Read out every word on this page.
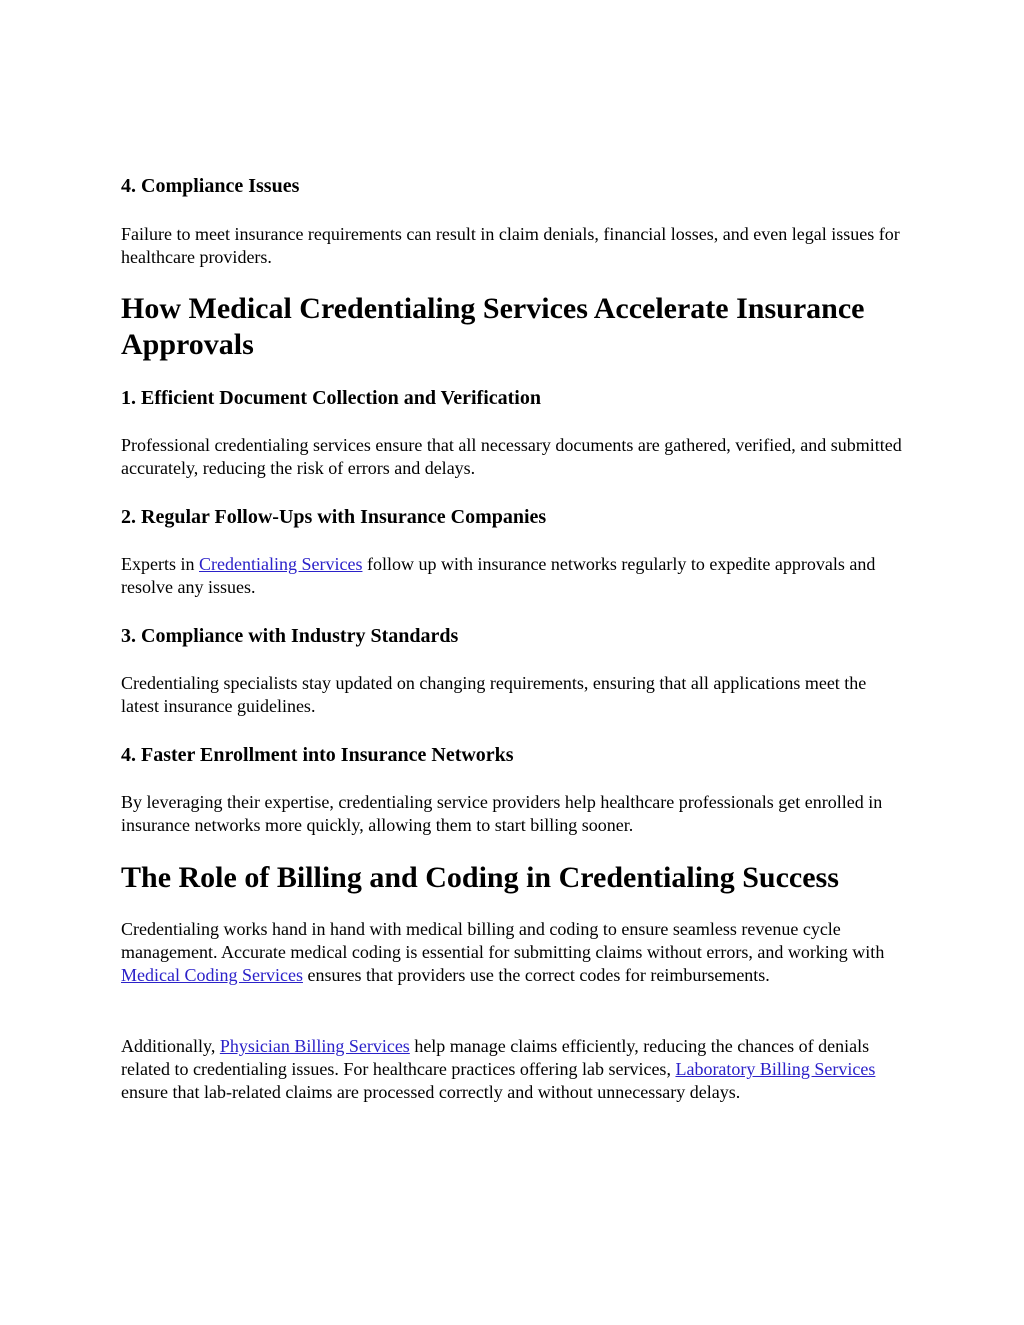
4. Compliance Issues

Failure to meet insurance requirements can result in claim denials, financial losses, and even legal issues for healthcare providers.

How Medical Credentialing Services Accelerate Insurance Approvals
1. Efficient Document Collection and Verification

Professional credentialing services ensure that all necessary documents are gathered, verified, and submitted accurately, reducing the risk of errors and delays.

2. Regular Follow-Ups with Insurance Companies

Experts in Credentialing Services follow up with insurance networks regularly to expedite approvals and resolve any issues.

3. Compliance with Industry Standards

Credentialing specialists stay updated on changing requirements, ensuring that all applications meet the latest insurance guidelines.

4. Faster Enrollment into Insurance Networks

By leveraging their expertise, credentialing service providers help healthcare professionals get enrolled in insurance networks more quickly, allowing them to start billing sooner.

The Role of Billing and Coding in Credentialing Success

Credentialing works hand in hand with medical billing and coding to ensure seamless revenue cycle management. Accurate medical coding is essential for submitting claims without errors, and working with Medical Coding Services ensures that providers use the correct codes for reimbursements.

Additionally, Physician Billing Services help manage claims efficiently, reducing the chances of denials related to credentialing issues. For healthcare practices offering lab services, Laboratory Billing Services ensure that lab-related claims are processed correctly and without unnecessary delays.
